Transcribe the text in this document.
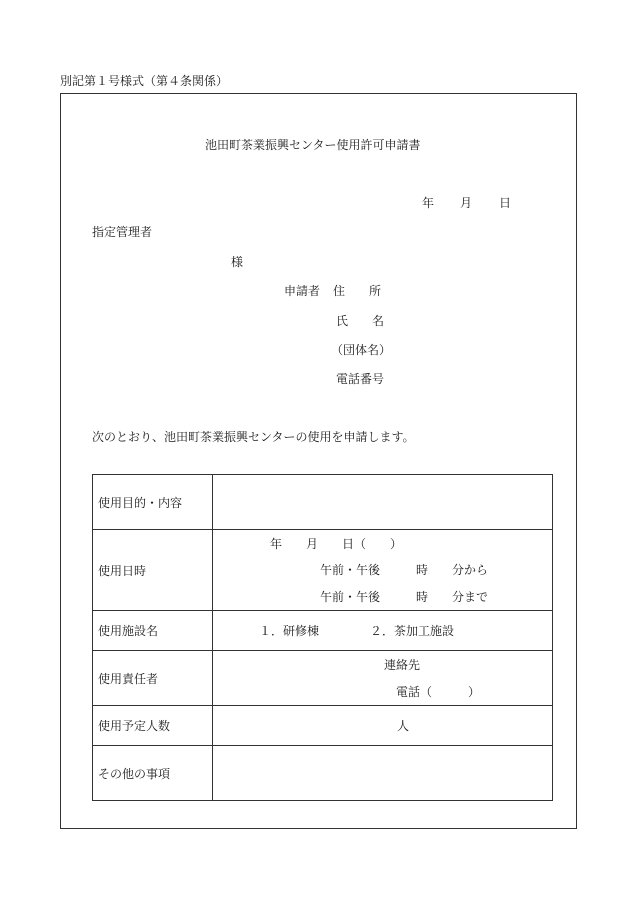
別記第１号様式（第４条関係）
池田町茶業振興センター使用許可申請書
年 月 日
指定管理者
様
申請者 住　　所
氏　　名
（団体名）
電話番号
次のとおり、池田町茶業振興センターの使用を申請します。
使用目的・内容	
使用日時	年　　月　　日（　　）
午前・午後　　　時　　分から
午前・午後　　　時　　分まで

使用施設名	１．研修棟 ２．茶加工施設

使用責任者	連絡先
電話（　　　）

使用予定人数	人

その他の事項	
